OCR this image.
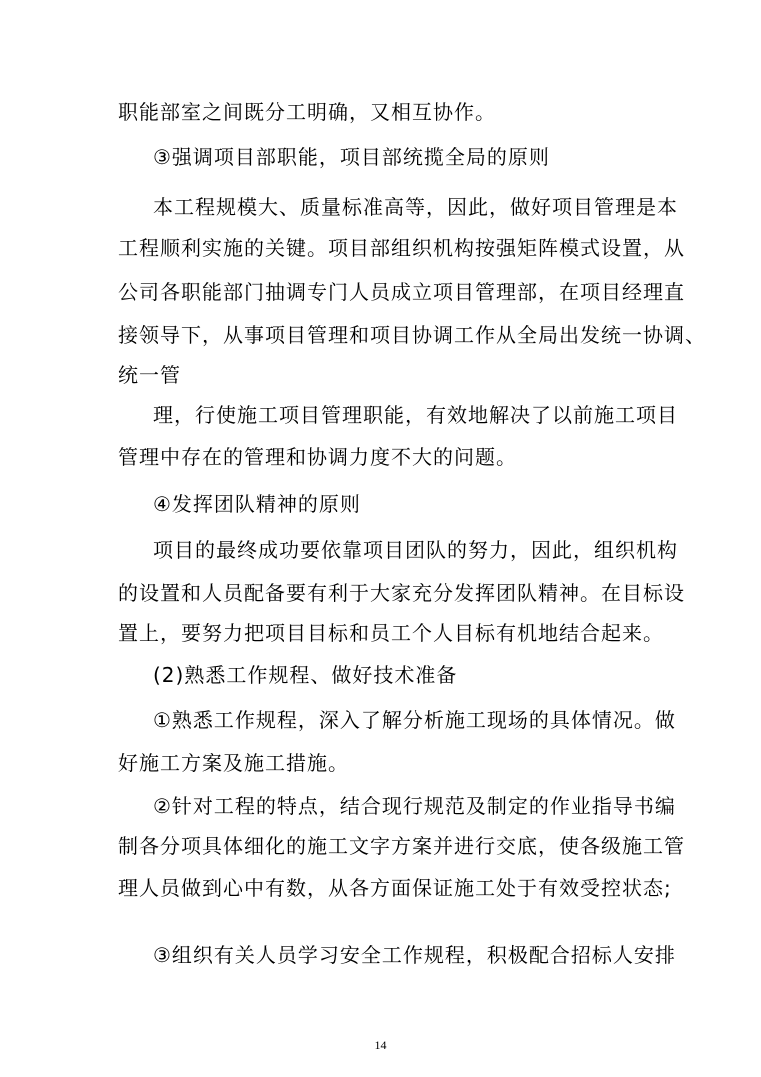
职能部室之间既分工明确，又相互协作。
③强调项目部职能，项目部统揽全局的原则
本工程规模大、质量标准高等，因此，做好项目管理是本
工程顺利实施的关键。项目部组织机构按强矩阵模式设置，从
公司各职能部门抽调专门人员成立项目管理部，在项目经理直
接领导下，从事项目管理和项目协调工作从全局出发统一协调、
统一管
理，行使施工项目管理职能，有效地解决了以前施工项目
管理中存在的管理和协调力度不大的问题。
④发挥团队精神的原则
项目的最终成功要依靠项目团队的努力，因此，组织机构
的设置和人员配备要有利于大家充分发挥团队精神。在目标设
置上，要努力把项目目标和员工个人目标有机地结合起来。
(2)熟悉工作规程、做好技术准备
①熟悉工作规程，深入了解分析施工现场的具体情况。做
好施工方案及施工措施。
②针对工程的特点，结合现行规范及制定的作业指导书编
制各分项具体细化的施工文字方案并进行交底，使各级施工管
理人员做到心中有数，从各方面保证施工处于有效受控状态;
③组织有关人员学习安全工作规程，积极配合招标人安排
14
